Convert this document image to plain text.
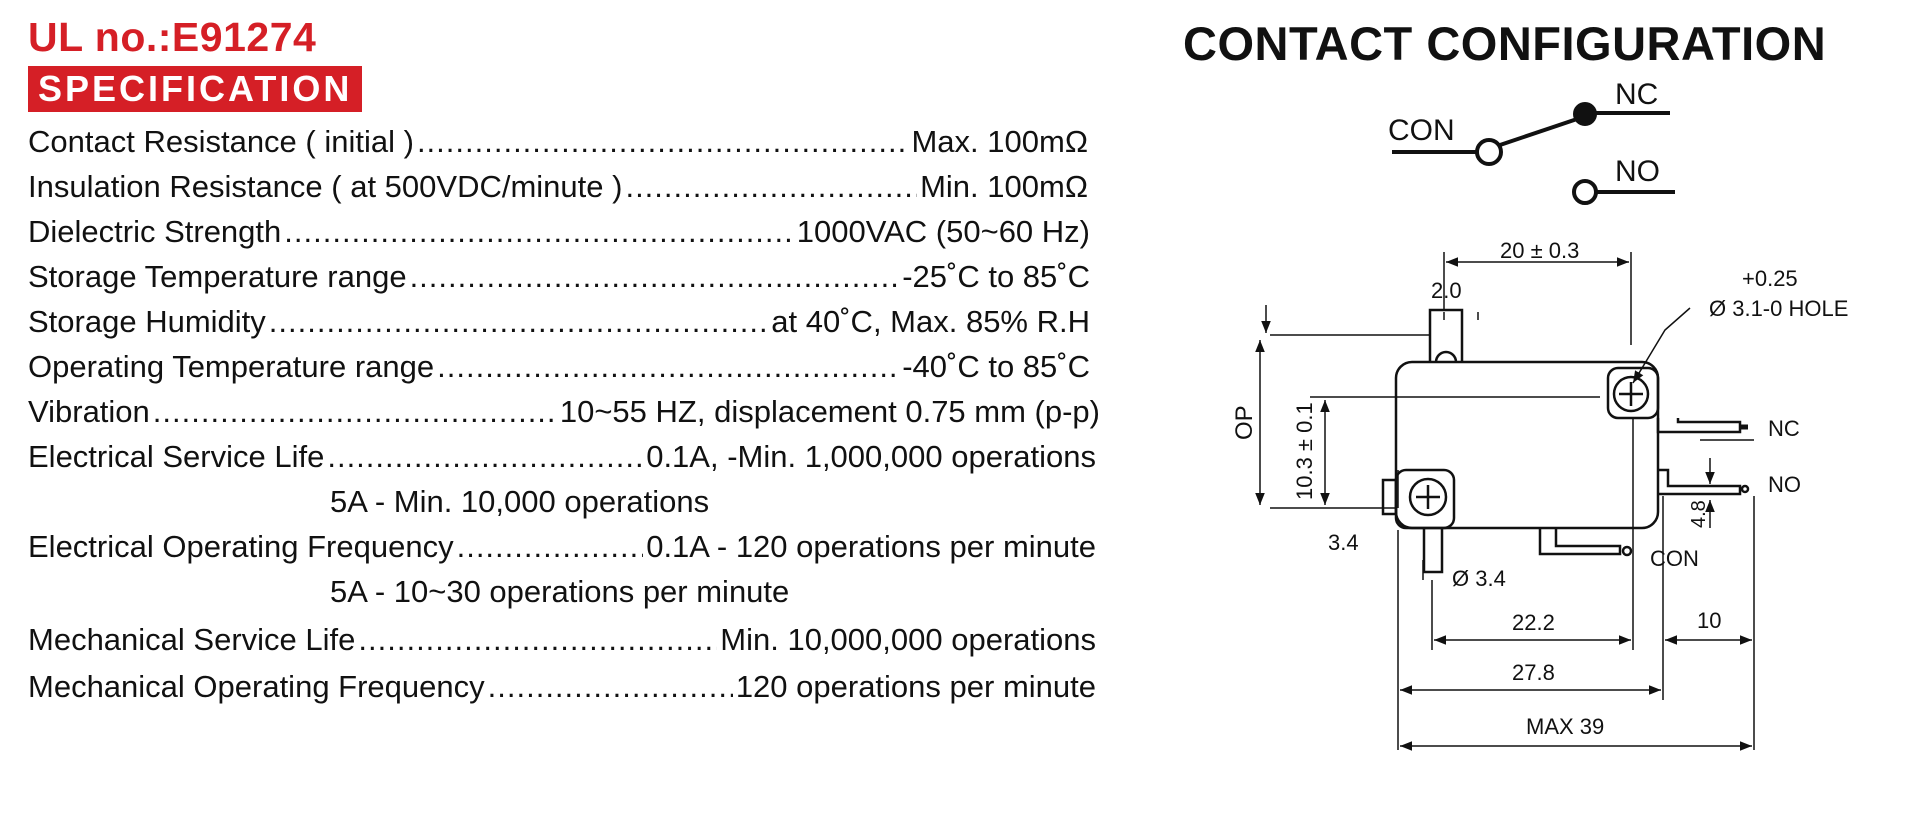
UL no.:E91274
SPECIFICATION
Contact Resistance ( initial ) .....	Max. 100mΩ
Insulation Resistance ( at 500VDC/minute ) .....	Min. 100mΩ
Dielectric Strength .....	1000VAC (50~60 Hz)
Storage Temperature range .....	-25˚C to 85˚C
Storage Humidity .....	at 40˚C, Max. 85% R.H
Operating Temperature range .....	-40˚C to 85˚C
Vibration .....	10~55 HZ, displacement 0.75 mm (p-p)
Electrical Service Life .....	0.1A, -Min. 1,000,000 operations
5A - Min. 10,000 operations
Electrical Operating Frequency .....	0.1A - 120 operations per minute
5A - 10~30 operations per minute
Mechanical Service Life .....	Min. 10,000,000 operations
Mechanical Operating Frequency .....	120 operations per minute
CONTACT CONFIGURATION
CON
NC
NO
20 ± 0.3
2.0	+0.25
Ø 3.1-0 HOLE
OP 10.3 ± 0.1	NC
NO
4.8
3.4
Ø 3.4
CON
22.2	10
27.8
MAX 39
